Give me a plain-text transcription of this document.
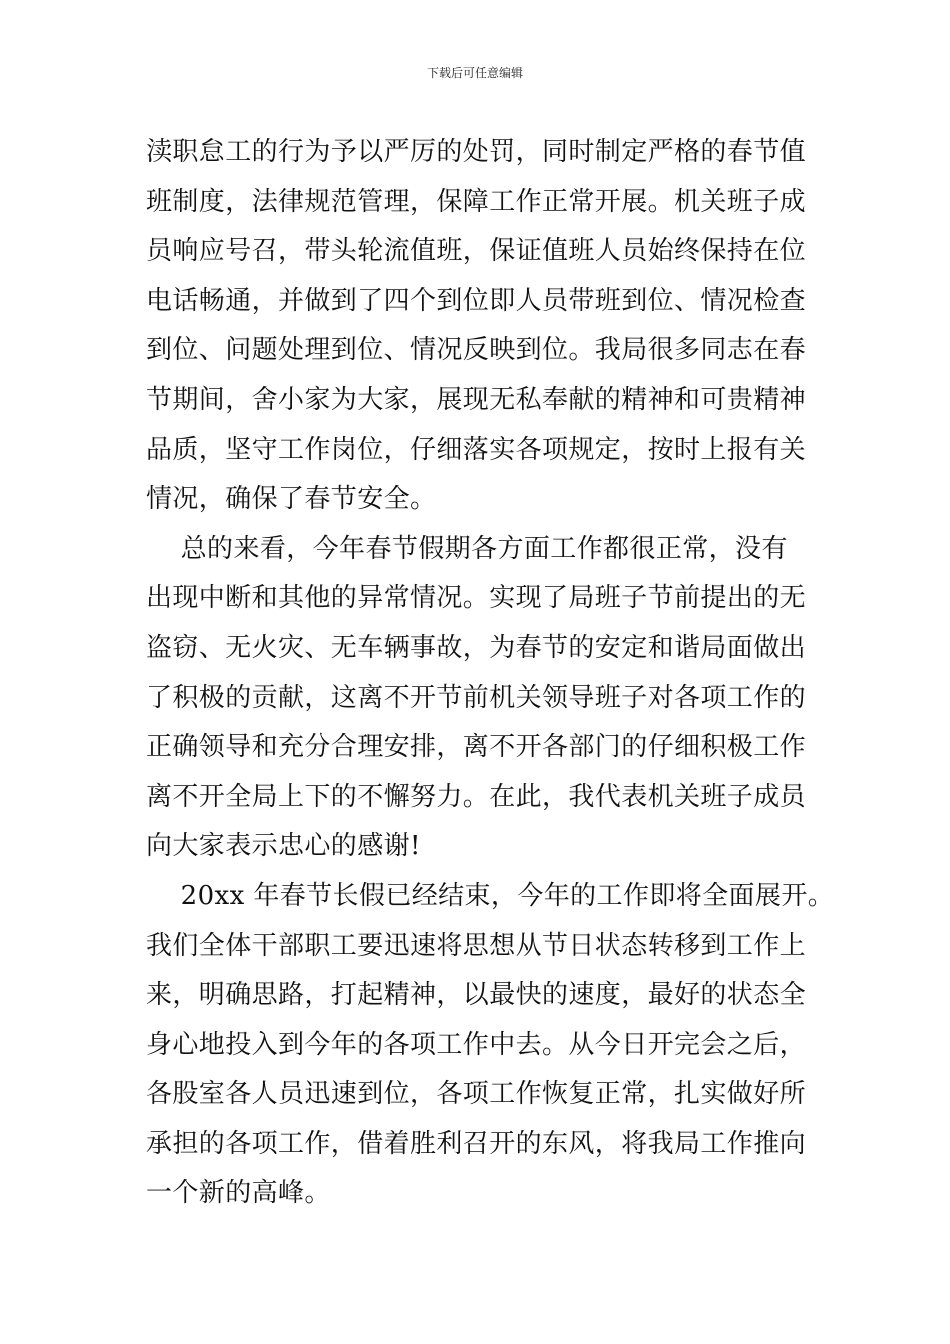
下载后可任意编辑
渎职怠工的行为予以严厉的处罚，同时制定严格的春节值
班制度，法律规范管理，保障工作正常开展。机关班子成
员响应号召，带头轮流值班，保证值班人员始终保持在位
电话畅通，并做到了四个到位即人员带班到位、情况检查
到位、问题处理到位、情况反映到位。我局很多同志在春
节期间，舍小家为大家，展现无私奉献的精神和可贵精神
品质，坚守工作岗位，仔细落实各项规定，按时上报有关
情况，确保了春节安全。
总的来看，今年春节假期各方面工作都很正常，没有
出现中断和其他的异常情况。实现了局班子节前提出的无
盗窃、无火灾、无车辆事故，为春节的安定和谐局面做出
了积极的贡献，这离不开节前机关领导班子对各项工作的
正确领导和充分合理安排，离不开各部门的仔细积极工作
离不开全局上下的不懈努力。在此，我代表机关班子成员
向大家表示忠心的感谢!
20xx 年春节长假已经结束，今年的工作即将全面展开。
我们全体干部职工要迅速将思想从节日状态转移到工作上
来，明确思路，打起精神，以最快的速度，最好的状态全
身心地投入到今年的各项工作中去。从今日开完会之后，
各股室各人员迅速到位，各项工作恢复正常，扎实做好所
承担的各项工作，借着胜利召开的东风，将我局工作推向
一个新的高峰。
